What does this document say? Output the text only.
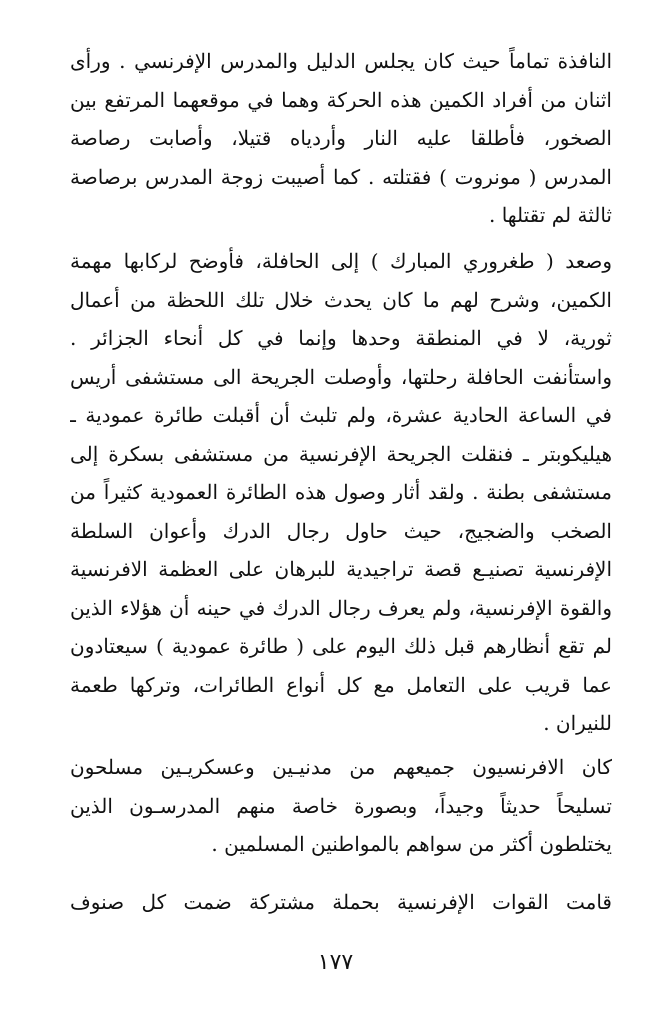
النافذة تماماً حيث كان يجلس الدليل والمدرس الإفرنسي . ورأى
اثنان من أفراد الكمين هذه الحركة وهما في موقعهما المرتفع بين
الصخور، فأطلقا عليه النار وأردياه قتيلا، وأصابت رصاصة
المدرس ( مونروت ) فقتلته . كما أصيبت زوجة المدرس برصاصة
ثالثة لم تقتلها .
وصعد ( طغروري المبارك ) إلى الحافلة، فأوضح لركابها مهمة
الكمين، وشرح لهم ما كان يحدث خلال تلك اللحظة من أعمال
ثورية، لا في المنطقة وحدها وإنما في كل أنحاء الجزائر .
واستأنفت الحافلة رحلتها، وأوصلت الجريحة الى مستشفى أريس
في الساعة الحادية عشرة، ولم تلبث أن أقبلت طائرة عمودية ـ
هيليكوبتر ـ فنقلت الجريحة الإفرنسية من مستشفى بسكرة إلى
مستشفى بطنة . ولقد أثار وصول هذه الطائرة العمودية كثيراً من
الصخب والضجيج، حيث حاول رجال الدرك وأعوان السلطة
الإفرنسية تصنيـع قصة تراجيدية للبرهان على العظمة الافرنسية
والقوة الإفرنسية، ولم يعرف رجال الدرك في حينه أن هؤلاء الذين
لم تقع أنظارهم قبل ذلك اليوم على ( طائرة عمودية ) سيعتادون
عما قريب على التعامل مع كل أنواع الطائرات، وتركها طعمة
للنيران .
كان الافرنسيون جميعهم من مدنيـين وعسكريـين مسلحون
تسليحاً حديثاً وجيداً، وبصورة خاصة منهم المدرسـون الذين
يختلطون أكثر من سواهم بالمواطنين المسلمين .
قامت القوات الإفرنسية بحملة مشتركة ضمت كل صنوف
١٧٧
